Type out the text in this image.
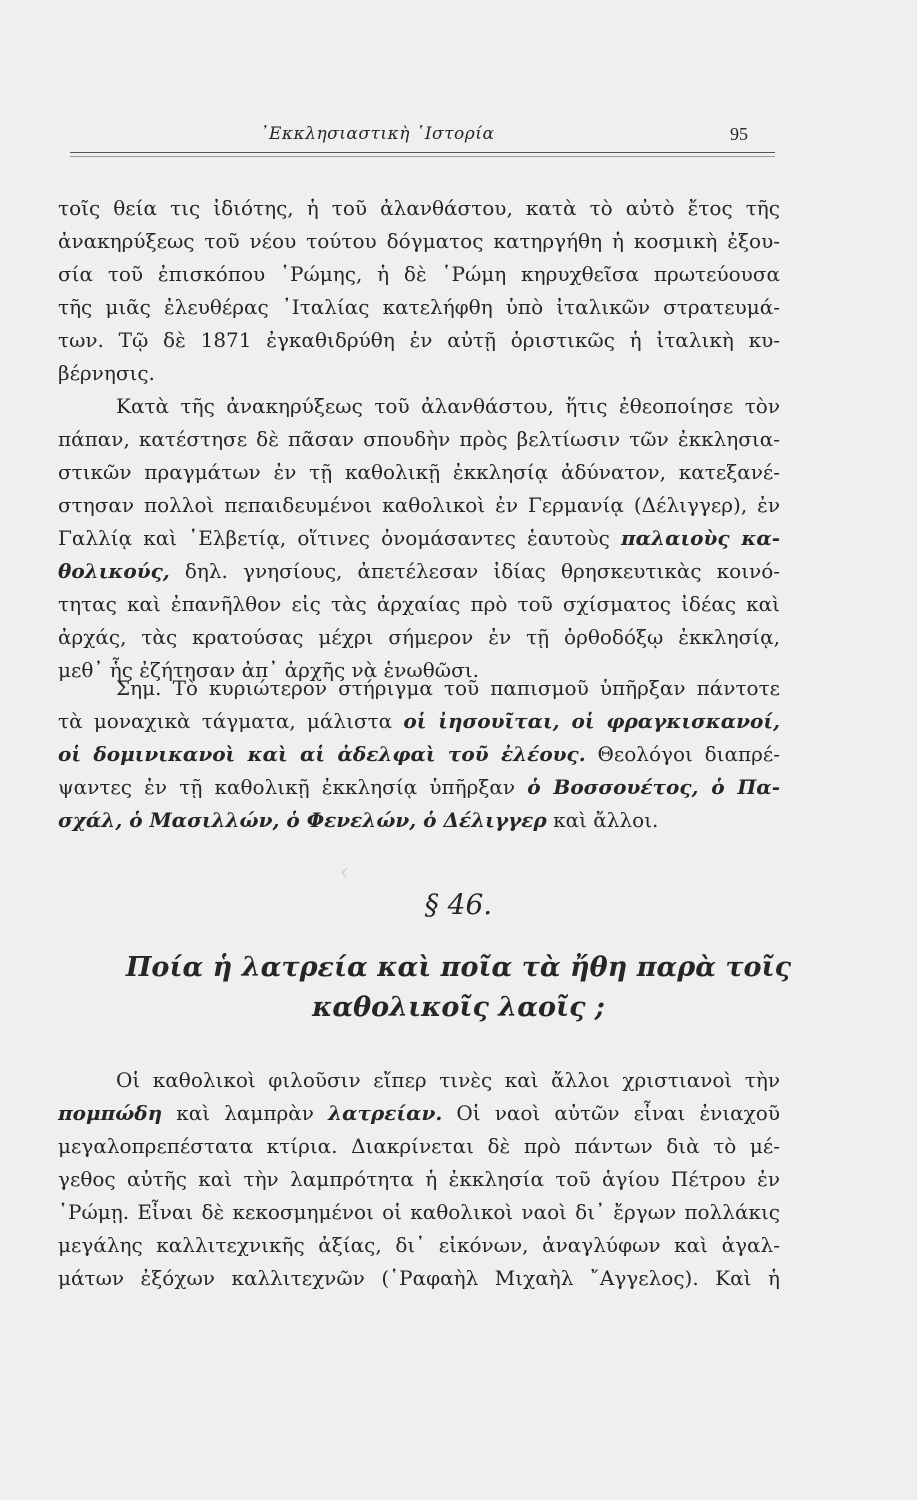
᾽Εκκλησιαστικὴ ῾Ιστορία	95
‹
τοῖς θεία τις ἰδιότης, ἡ τοῦ ἀλανθάστου, κατὰ τὸ αὐτὸ ἔτος τῆς
ἀνακηρύξεως τοῦ νέου τούτου δόγματος κατηργήθη ἡ κοσμικὴ ἐξου-
σία τοῦ ἐπισκόπου ῾Ρώμης, ἡ δὲ ῾Ρώμη κηρυχθεῖσα πρωτεύουσα
τῆς μιᾶς ἐλευθέρας ᾽Ιταλίας κατελήφθη ὑπὸ ἰταλικῶν στρατευμά-
των. Τῷ δὲ 1871 ἐγκαθιδρύθη ἐν αὐτῇ ὁριστικῶς ἡ ἰταλικὴ κυ-
βέρνησις.
Κατὰ τῆς ἀνακηρύξεως τοῦ ἀλανθάστου, ἥτις ἐθεοποίησε τὸν
πάπαν, κατέστησε δὲ πᾶσαν σπουδὴν πρὸς βελτίωσιν τῶν ἐκκλησια-
στικῶν πραγμάτων ἐν τῇ καθολικῇ ἐκκλησίᾳ ἀδύνατον, κατεξανέ-
στησαν πολλοὶ πεπαιδευμένοι καθολικοὶ ἐν Γερμανίᾳ (Δέλιγγερ), ἐν
Γαλλίᾳ καὶ ῾Ελβετίᾳ, οἵτινες ὀνομάσαντες ἑαυτοὺς παλαιοὺς κα-
θολικούς, δηλ. γνησίους, ἀπετέλεσαν ἰδίας θρησκευτικὰς κοινό-
τητας καὶ ἐπανῆλθον εἰς τὰς ἀρχαίας πρὸ τοῦ σχίσματος ἰδέας καὶ
ἀρχάς, τὰς κρατούσας μέχρι σήμερον ἐν τῇ ὀρθοδόξῳ ἐκκλησίᾳ,
μεθ᾽ ἧς ἐζήτησαν ἀπ᾽ ἀρχῆς νὰ ἑνωθῶσι.
Σημ. Τὸ κυριώτερον στήριγμα τοῦ παπισμοῦ ὑπῆρξαν πάντοτε
τὰ μοναχικὰ τάγματα, μάλιστα οἱ ἰησουῖται, οἱ φραγκισκανοί,
οἱ δομινικανοὶ καὶ αἱ ἀδελφαὶ τοῦ ἐλέους. Θεολόγοι διαπρέ-
ψαντες ἐν τῇ καθολικῇ ἐκκλησίᾳ ὑπῆρξαν ὁ Βοσσουέτος, ὁ Πα-
σχάλ, ὁ Μασιλλών, ὁ Φενελών, ὁ Δέλιγγερ καὶ ἄλλοι.
§ 46.
Ποία ἡ λατρεία καὶ ποῖα τὰ ἤθη παρὰ τοῖς
καθολικοῖς λαοῖς ;
Οἱ καθολικοὶ φιλοῦσιν εἴπερ τινὲς καὶ ἄλλοι χριστιανοὶ τὴν
πομπώδη καὶ λαμπρὰν λατρείαν. Οἱ ναοὶ αὐτῶν εἶναι ἐνιαχοῦ
μεγαλοπρεπέστατα κτίρια. Διακρίνεται δὲ πρὸ πάντων διὰ τὸ μέ-
γεθος αὐτῆς καὶ τὴν λαμπρότητα ἡ ἐκκλησία τοῦ ἁγίου Πέτρου ἐν
῾Ρώμῃ. Εἶναι δὲ κεκοσμημένοι οἱ καθολικοὶ ναοὶ δι᾽ ἔργων πολλάκις
μεγάλης καλλιτεχνικῆς ἀξίας, δι᾽ εἰκόνων, ἀναγλύφων καὶ ἀγαλ-
μάτων ἐξόχων καλλιτεχνῶν (῾Ραφαὴλ Μιχαὴλ ῎Αγγελος). Καὶ ἡ
